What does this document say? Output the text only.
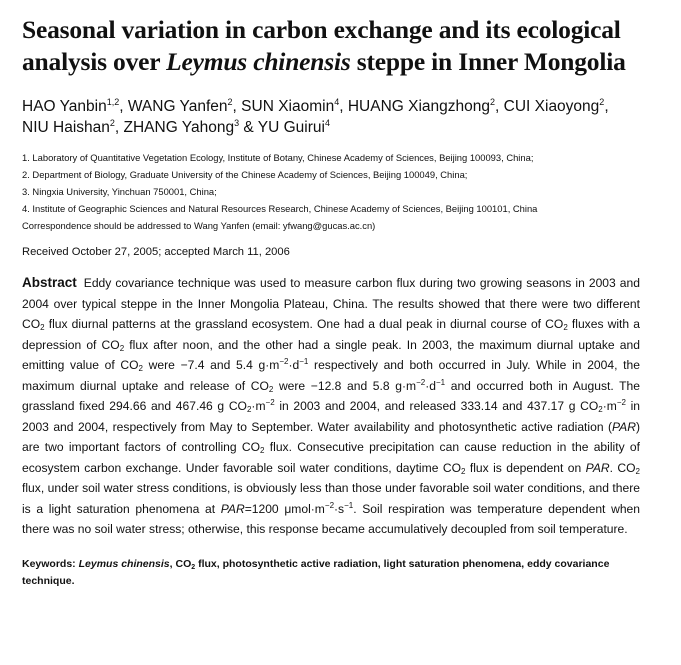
Seasonal variation in carbon exchange and its ecological analysis over Leymus chinensis steppe in Inner Mongolia
HAO Yanbin$^{1,2}$, WANG Yanfen$^2$, SUN Xiaomin$^4$, HUANG Xiangzhong$^2$, CUI Xiaoyong$^2$,
NIU Haishan$^2$, ZHANG Yahong$^3$ & YU Guirui$^4$
1. Laboratory of Quantitative Vegetation Ecology, Institute of Botany, Chinese Academy of Sciences, Beijing 100093, China;
2. Department of Biology, Graduate University of the Chinese Academy of Sciences, Beijing 100049, China;
3. Ningxia University, Yinchuan 750001, China;
4. Institute of Geographic Sciences and Natural Resources Research, Chinese Academy of Sciences, Beijing 100101, China
Correspondence should be addressed to Wang Yanfen (email: yfwang@gucas.ac.cn)
Received October 27, 2005; accepted March 11, 2006
Abstract Eddy covariance technique was used to measure carbon flux during two growing seasons in 2003 and 2004 over typical steppe in the Inner Mongolia Plateau, China. The results showed that there were two different $CO_2$ flux diurnal patterns at the grassland ecosystem. One had a dual peak in diurnal course of $CO_2$ fluxes with a depression of $CO_2$ flux after noon, and the other had a single peak. In 2003, the maximum diurnal uptake and emitting value of $CO_2$ were −7.4 and 5.4 $g\cdot m^{-2}\cdot d^{-1}$ respectively and both occurred in July. While in 2004, the maximum diurnal uptake and release of $CO_2$ were −12.8 and 5.8 $g\cdot m^{-2}\cdot d^{-1}$ and occurred both in August. The grassland fixed 294.66 and 467.46 g $CO_2\cdot m^{-2}$ in 2003 and 2004, and released 333.14 and 437.17 g $CO_2\cdot m^{-2}$ in 2003 and 2004, respectively from May to September. Water availability and photosynthetic active radiation (PAR) are two important factors of controlling $CO_2$ flux. Consecutive precipitation can cause reduction in the ability of ecosystem carbon exchange. Under favorable soil water conditions, daytime $CO_2$ flux is dependent on PAR. $CO_2$ flux, under soil water stress conditions, is obviously less than those under favorable soil water conditions, and there is a light saturation phenomena at PAR=1200 $\mu mol\cdot m^{-2}\cdot s^{-1}$. Soil respiration was temperature dependent when there was no soil water stress; otherwise, this response became accumulatively decoupled from soil temperature.
Keywords: Leymus chinensis, $CO_2$ flux, photosynthetic active radiation, light saturation phenomena, eddy covariance technique.
